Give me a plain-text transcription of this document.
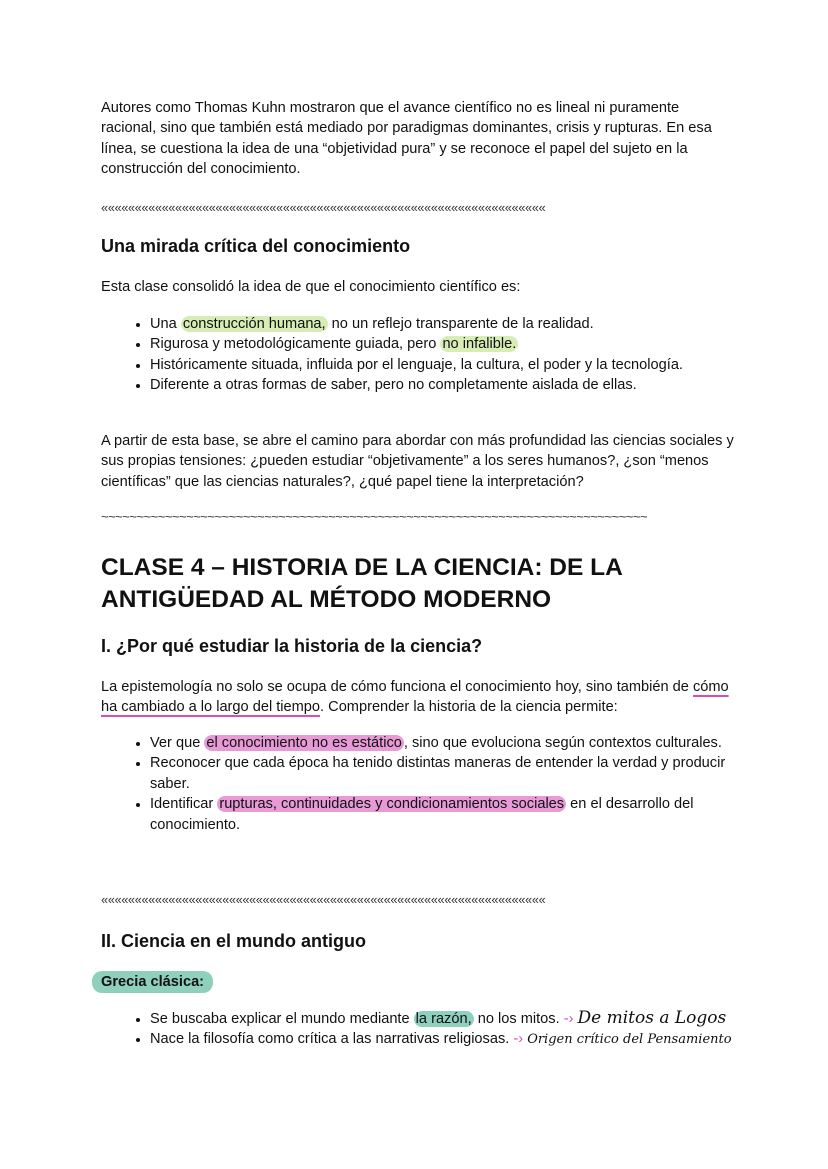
Autores como Thomas Kuhn mostraron que el avance científico no es lineal ni puramente racional, sino que también está mediado por paradigmas dominantes, crisis y rupturas. En esa línea, se cuestiona la idea de una “objetividad pura” y se reconoce el papel del sujeto en la construcción del conocimiento.
««««««««««««««««««««««««««««««««««««««««««««««««««««««««««««««««««
Una mirada crítica del conocimiento
Esta clase consolidó la idea de que el conocimiento científico es:
• Una construcción humana, no un reflejo transparente de la realidad.
• Rigurosa y metodológicamente guiada, pero no infalible.
• Históricamente situada, influida por el lenguaje, la cultura, el poder y la tecnología.
• Diferente a otras formas de saber, pero no completamente aislada de ellas.
A partir de esta base, se abre el camino para abordar con más profundidad las ciencias sociales y sus propias tensiones: ¿pueden estudiar “objetivamente” a los seres humanos?, ¿son “menos científicas” que las ciencias naturales?, ¿qué papel tiene la interpretación?
~~~~~~~~~~~~~~~~~~~~~~~~~~~~~~~~~~~~~~~~~~~~~~~~~~~~~~~~~~~~~~~~~~~~~~~~~~~~~
CLASE 4 – HISTORIA DE LA CIENCIA: DE LA ANTIGÜEDAD AL MÉTODO MODERNO
I. ¿Por qué estudiar la historia de la ciencia?
La epistemología no solo se ocupa de cómo funciona el conocimiento hoy, sino también de cómo ha cambiado a lo largo del tiempo. Comprender la historia de la ciencia permite:
• Ver que el conocimiento no es estático , sino que evoluciona según contextos culturales.
• Reconocer que cada época ha tenido distintas maneras de entender la verdad y producir saber.
• Identificar rupturas, continuidades y condicionamientos sociales en el desarrollo del conocimiento.
««««««««««««««««««««««««««««««««««««««««««««««««««««««««««««««««««
II. Ciencia en el mundo antiguo
Grecia clásica:
• Se buscaba explicar el mundo mediante la razón, no los mitos. -› De mitos a Logos
• Nace la filosofía como crítica a las narrativas religiosas. -› Origen crítico del Pensamiento
